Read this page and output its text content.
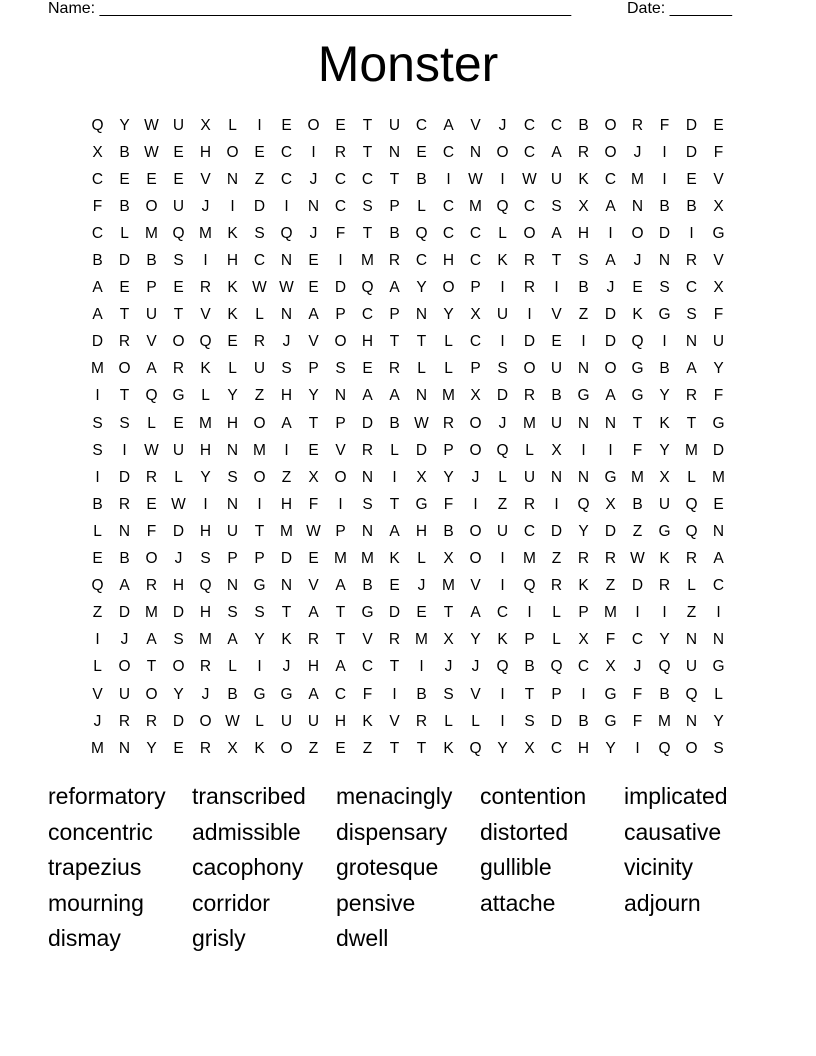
Name: _____________________________________________________	Date: _______
Monster
Q	Y W U	X	L	I	E	O	E	T	U	C	A	V	J	C	C	B	O R	F	D	E
X	B W E	H O	E	C	I	R	T	N	E	C	N O C	A	R O	J	I	D	F
C	E	E	E	V	N	Z	C	J	C	C	T	B	I	W	I	W U	K	C M	I	E	V
F	B	O U	J	I	D	I	N	C	S	P	L	C M Q C	S	X	A	N	B	B	X
C	L	M Q M K	S	Q	J	F	T	B	Q C	C	L	O	A	H	I	O D	I	G
B	D	B	S	I	H	C	N	E	I	M R	C	H	C	K	R	T	S	A	J	N	R	V
A	E	P	E	R	K W W E	D Q	A	Y	O	P	I	R	I	B	J	E	S	C	X
A	T	U	T	V	K	L	N	A	P	C	P	N	Y	X	U	I	V	Z	D	K	G	S	F
D	R	V	O Q	E	R	J	V	O H	T	T	L	C	I	D	E	I	D Q	I	N	U
M O	A	R	K	L	U	S	P	S	E	R	L	L	P	S	O U	N O G	B	A	Y
I	T	Q G	L	Y	Z	H	Y	N	A	A	N M X	D	R	B	G	A	G	Y	R	F
S	S	L	E M H O	A	T	P	D	B W R O	J	M U	N	N	T	K	T	G
S	I	W U	H	N M	I	E	V	R	L	D	P	O Q	L	X	I	I	F	Y M D
I	D	R	L	Y	S	O	Z	X	O N	I	X	Y	J	L	U	N	N G M X	L	M
B	R	E W	I	N	I	H	F	I	S	T	G	F	I	Z	R	I	Q	X	B	U Q	E
L	N	F	D	H	U	T	M W P	N	A	H	B	O U	C	D	Y	D	Z	G Q N
E	B	O	J	S	P	P	D	E M M K	L	X	O	I	M	Z	R	R W K	R	A
Q	A	R	H Q N G N	V	A	B	E	J	M V	I	Q R	K	Z	D	R	L	C
Z	D M D	H	S	S	T	A	T	G D	E	T	A	C	I	L	P M	I	I	Z	I
I	J	A	S M A	Y	K	R	T	V	R M X	Y	K	P	L	X	F	C	Y	N	N
L	O	T	O R	L	I	J	H	A	C	T	I	J	J	Q	B	Q C	X	J	Q U G
V	U O	Y	J	B	G G	A	C	F	I	B	S	V	I	T	P	I	G	F	B	Q	L
J	R	R	D O W L	U	U	H	K	V	R	L	L	I	S	D	B	G	F	M N	Y
M N	Y	E	R	X	K	O	Z	E	Z	T	T	K	Q	Y	X	C	H	Y	I	Q O	S
reformatory	transcribed	menacingly	contention	implicated
concentric	admissible	dispensary	distorted	causative
trapezius	cacophony	grotesque	gullible	vicinity
mourning	corridor	pensive	attache	adjourn
dismay	grisly	dwell
